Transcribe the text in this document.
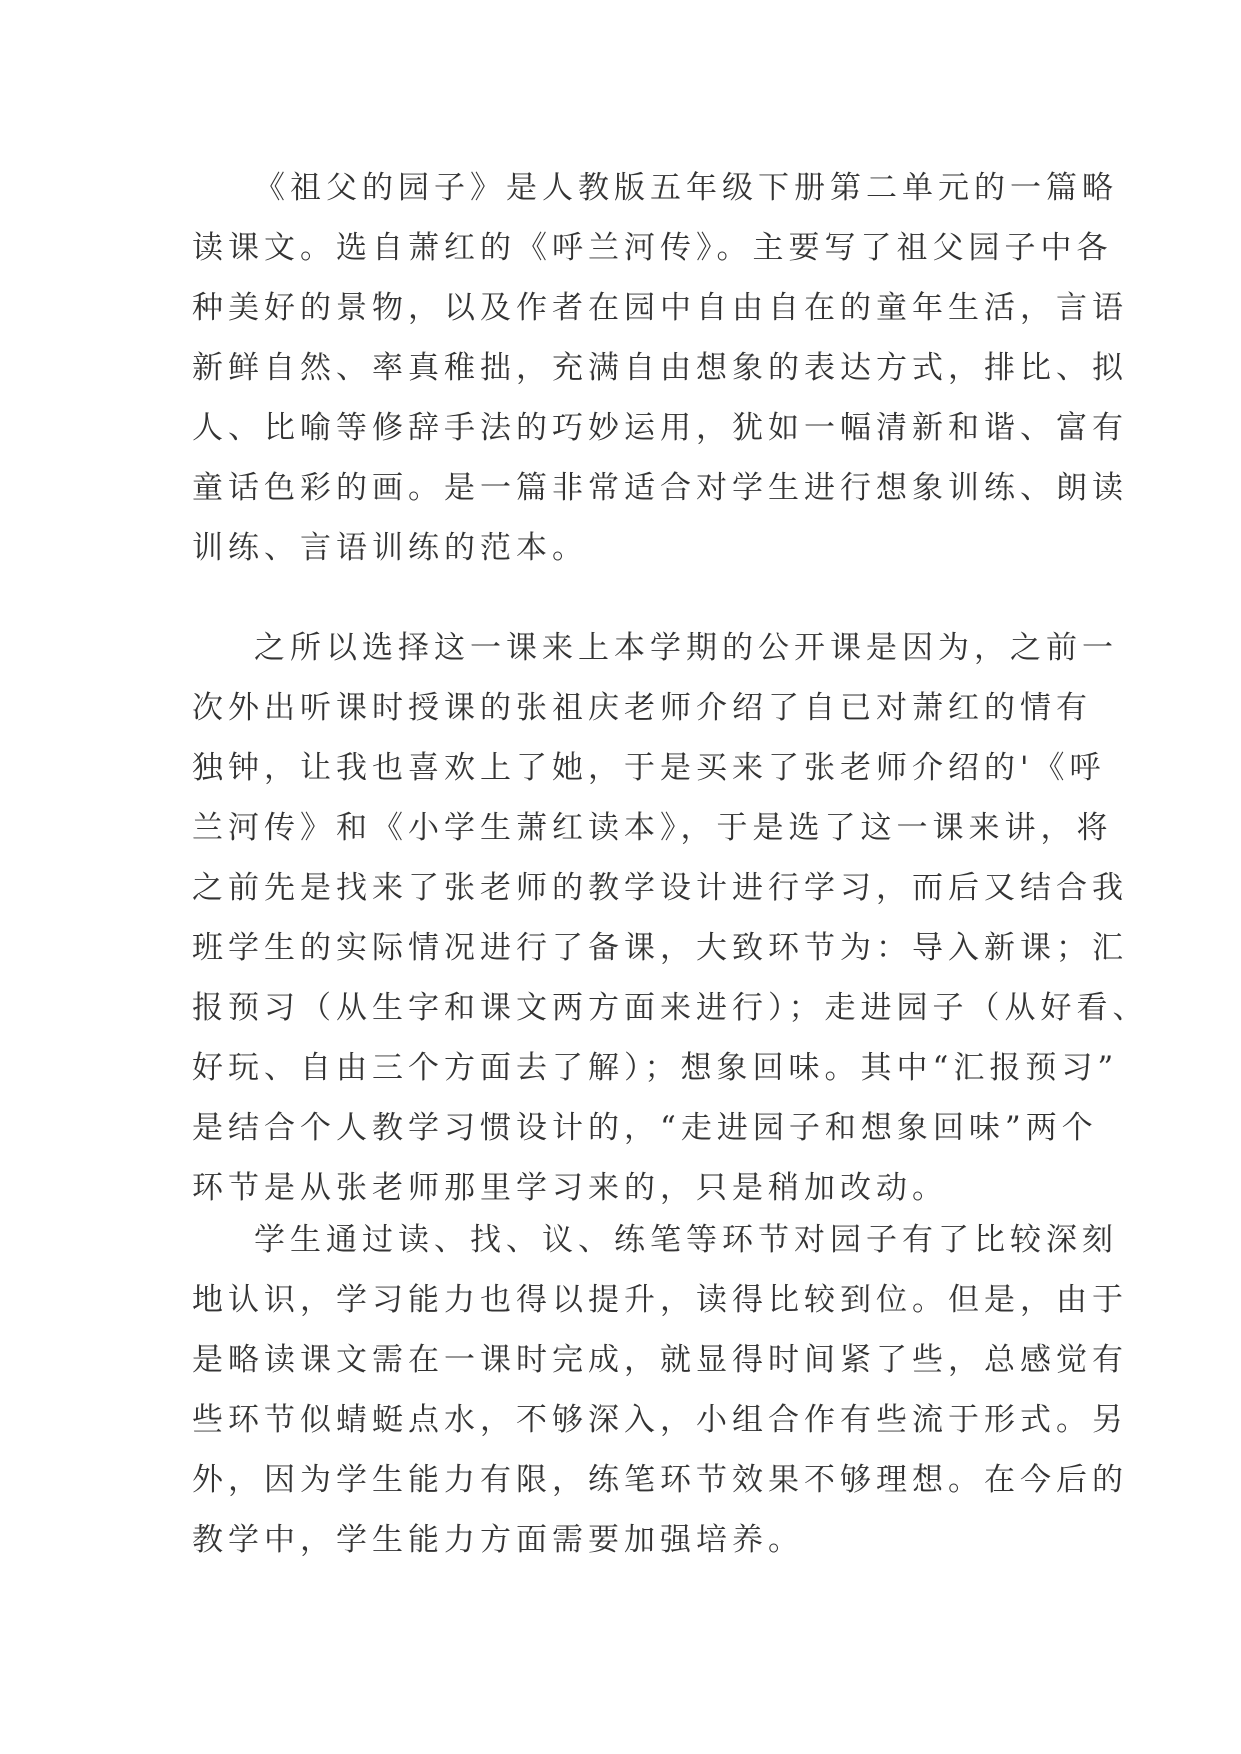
《祖父的园子》是人教版五年级下册第二单元的一篇略
读课文。选自萧红的《呼兰河传》。主要写了祖父园子中各
种美好的景物，以及作者在园中自由自在的童年生活，言语
新鲜自然、率真稚拙，充满自由想象的表达方式，排比、拟
人、比喻等修辞手法的巧妙运用，犹如一幅清新和谐、富有
童话色彩的画。是一篇非常适合对学生进行想象训练、朗读
训练、言语训练的范本。

之所以选择这一课来上本学期的公开课是因为，之前一
次外出听课时授课的张祖庆老师介绍了自已对萧红的情有
独钟，让我也喜欢上了她，于是买来了张老师介绍的'《呼
兰河传》和《小学生萧红读本》，于是选了这一课来讲，将
之前先是找来了张老师的教学设计进行学习，而后又结合我
班学生的实际情况进行了备课，大致环节为：导入新课；汇
报预习（从生字和课文两方面来进行）；走进园子（从好看、
好玩、自由三个方面去了解）；想象回味。其中“汇报预习”
是结合个人教学习惯设计的，“走进园子和想象回味”两个
环节是从张老师那里学习来的，只是稍加改动。

学生通过读、找、议、练笔等环节对园子有了比较深刻
地认识，学习能力也得以提升，读得比较到位。但是，由于
是略读课文需在一课时完成，就显得时间紧了些，总感觉有
些环节似蜻蜓点水，不够深入，小组合作有些流于形式。另
外，因为学生能力有限，练笔环节效果不够理想。在今后的
教学中，学生能力方面需要加强培养。
